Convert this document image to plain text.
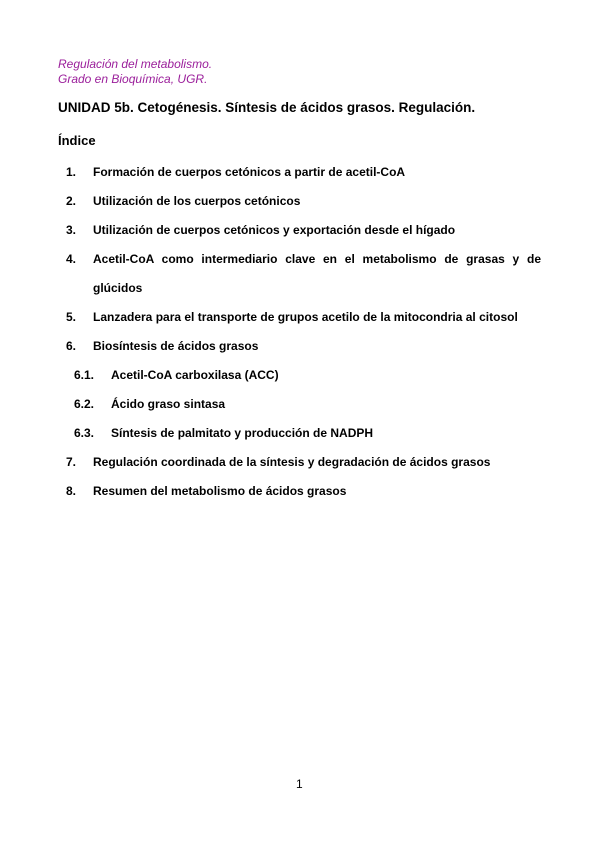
Regulación del metabolismo.
Grado en Bioquímica, UGR.
UNIDAD 5b. Cetogénesis. Síntesis de ácidos grasos. Regulación.
Índice
1. Formación de cuerpos cetónicos a partir de acetil-CoA
2. Utilización de los cuerpos cetónicos
3. Utilización de cuerpos cetónicos y exportación desde el hígado
4. Acetil-CoA como intermediario clave en el metabolismo de grasas y de
glúcidos
5. Lanzadera para el transporte de grupos acetilo de la mitocondria al citosol
6. Biosíntesis de ácidos grasos
6.1. Acetil-CoA carboxilasa (ACC)
6.2. Ácido graso sintasa
6.3. Síntesis de palmitato y producción de NADPH
7. Regulación coordinada de la síntesis y degradación de ácidos grasos
8. Resumen del metabolismo de ácidos grasos
1
